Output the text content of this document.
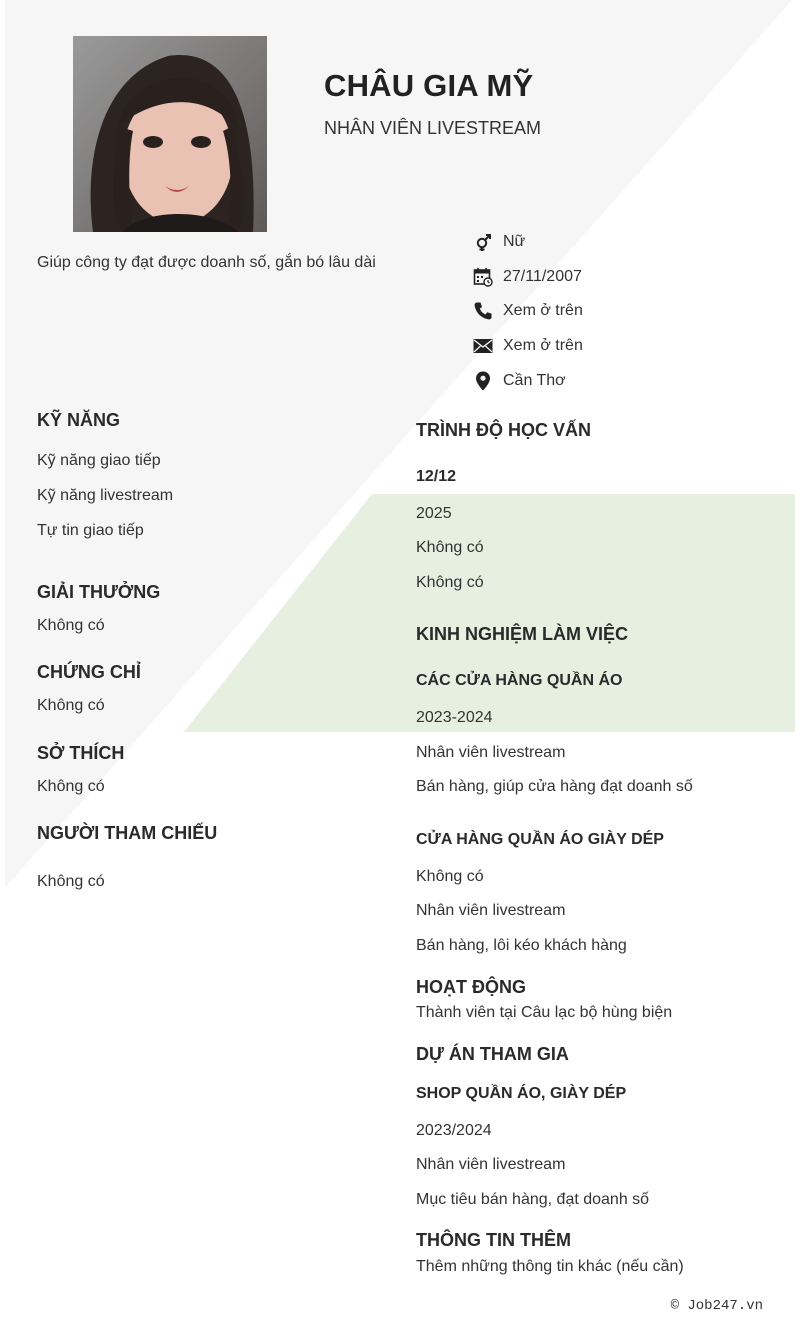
CHÂU GIA MỸ
NHÂN VIÊN LIVESTREAM
Giúp công ty đạt được doanh số, gắn bó lâu dài
Nữ
27/11/2007
Xem ở trên
Xem ở trên
Cần Thơ
KỸ NĂNG
Kỹ năng giao tiếp
Kỹ năng livestream
Tự tin giao tiếp
GIẢI THƯỞNG
Không có
CHỨNG CHỈ
Không có
SỞ THÍCH
Không có
NGƯỜI THAM CHIẾU
Không có
TRÌNH ĐỘ HỌC VẤN
12/12
2025
Không có
Không có
KINH NGHIỆM LÀM VIỆC
CÁC CỬA HÀNG QUẦN ÁO
2023-2024
Nhân viên livestream
Bán hàng, giúp cửa hàng đạt doanh số
CỬA HÀNG QUẦN ÁO GIÀY DÉP
Không có
Nhân viên livestream
Bán hàng, lôi kéo khách hàng
HOẠT ĐỘNG
Thành viên tại Câu lạc bộ hùng biện
DỰ ÁN THAM GIA
SHOP QUẦN ÁO, GIÀY DÉP
2023/2024
Nhân viên livestream
Mục tiêu bán hàng, đạt doanh số
THÔNG TIN THÊM
Thêm những thông tin khác (nếu cần)
© Job247.vn
